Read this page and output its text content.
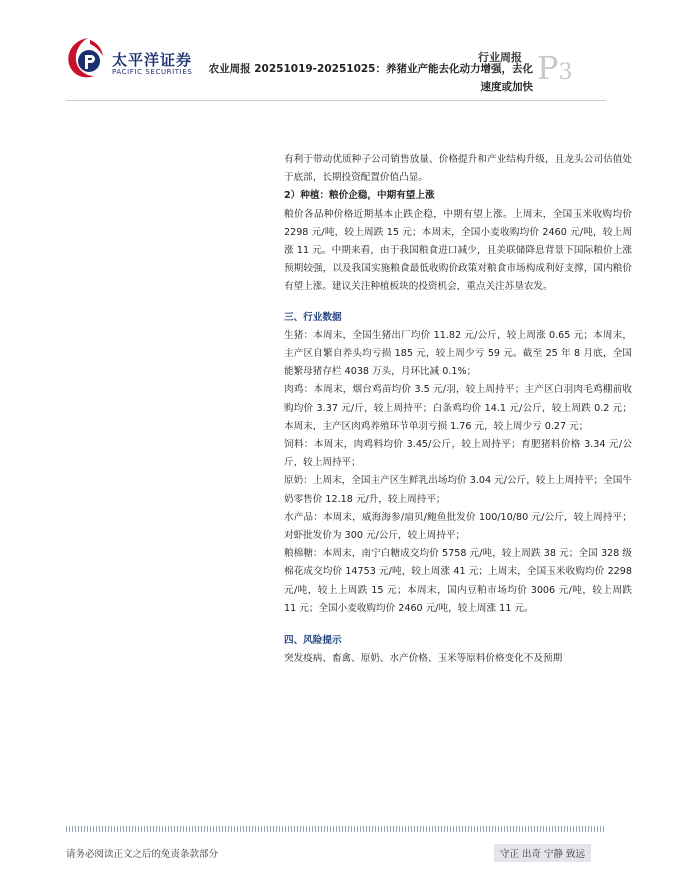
太平洋证券
PACIFIC SECURITIES
行业周报
农业周报 20251019-20251025：养猪业产能去化动力增强，去化速度或加快 P3

有利于带动优质种子公司销售放量、价格提升和产业结构升级，且龙头公司估值处于底部，长期投资配置价值凸显。

2）种植：粮价企稳，中期有望上涨

粮价各品种价格近期基本止跌企稳，中期有望上涨。上周末，全国玉米收购均价 2298 元/吨，较上周跌 15 元；本周末，全国小麦收购均价 2460 元/吨，较上周涨 11 元。中期来看，由于我国粮食进口减少，且美联储降息背景下国际粮价上涨预期较强，以及我国实施粮食最低收购价政策对粮食市场构成利好支撑，国内粮价有望上涨。建议关注种植板块的投资机会，重点关注苏垦农发。

三、行业数据

生猪：本周末，全国生猪出厂均价 11.82 元/公斤，较上周涨 0.65 元；本周末，主产区自繁自养头均亏损 185 元，较上周少亏 59 元。截至 25 年 8 月底，全国能繁母猪存栏 4038 万头，月环比减 0.1%；

肉鸡：本周末，烟台鸡苗均价 3.5 元/羽，较上周持平；主产区白羽肉毛鸡棚前收购均价 3.37 元/斤，较上周持平；白条鸡均价 14.1 元/公斤，较上周跌 0.2 元；本周末，主产区肉鸡养殖环节单羽亏损 1.76 元，较上周少亏 0.27 元；

饲料：本周末，肉鸡料均价 3.45/公斤，较上周持平；育肥猪料价格 3.34 元/公斤，较上周持平；

原奶：上周末，全国主产区生鲜乳出场均价 3.04 元/公斤，较上上周持平；全国牛奶零售价 12.18 元/升，较上周持平；

水产品：本周末，威海海参/扇贝/鲍鱼批发价 100/10/80 元/公斤，较上周持平；对虾批发价为 300 元/公斤，较上周持平；

粮棉糖：本周末，南宁白糖成交均价 5758 元/吨，较上周跌 38 元；全国 328 级棉花成交均价 14753 元/吨，较上周涨 41 元；上周末，全国玉米收购均价 2298 元/吨，较上上周跌 15 元；本周末，国内豆粕市场均价 3006 元/吨，较上周跌 11 元；全国小麦收购均价 2460 元/吨，较上周涨 11 元。

四、风险提示

突发疫病、畜禽、原奶、水产价格、玉米等原料价格变化不及预期

请务必阅读正文之后的免责条款部分	守正 出奇 宁静 致远
